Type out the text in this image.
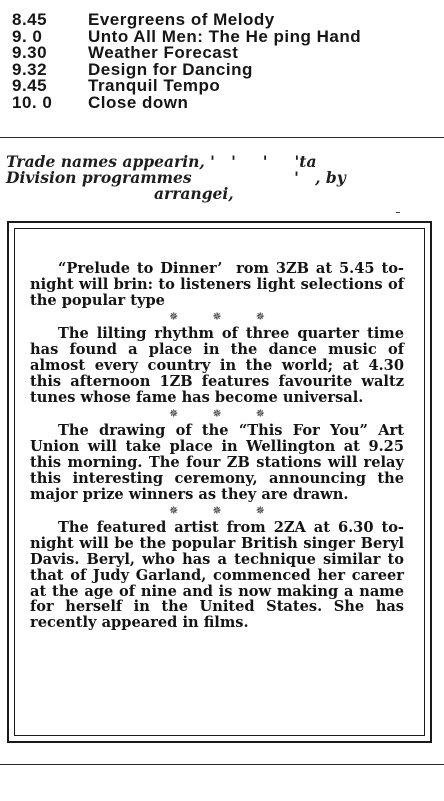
8.45	Evergreens of Melody
9. 0	Unto All Men: The He ping Hand
9.30	Weather Forecast
9.32	Design for Dancing
9.45	Tranquil Tempo
10. 0	Close down
Trade names appearin, '   '     '     'ta
Division programmes                   '   , by
arrangei,

“Prelude to Dinner’  rom 3ZB at 5.45 to-night will brin: to listeners light selections of the popular type

✵	✵	✵

The lilting rhythm of three quarter time has found a place in the dance music of almost every country in the world; at 4.30 this afternoon 1ZB features favourite waltz tunes whose fame has become universal.

✵	✵	✵

The drawing of the “This For You” Art Union will take place in Wellington at 9.25 this morning. The four ZB stations will relay this interesting ceremony, announcing the major prize winners as they are drawn.

✵	✵	✵

The featured artist from 2ZA at 6.30 to-night will be the popular British singer Beryl Davis. Beryl, who has a technique similar to that of Judy Garland, commenced her career at the age of nine and is now making a name for herself in the United States. She has recently appeared in films.
